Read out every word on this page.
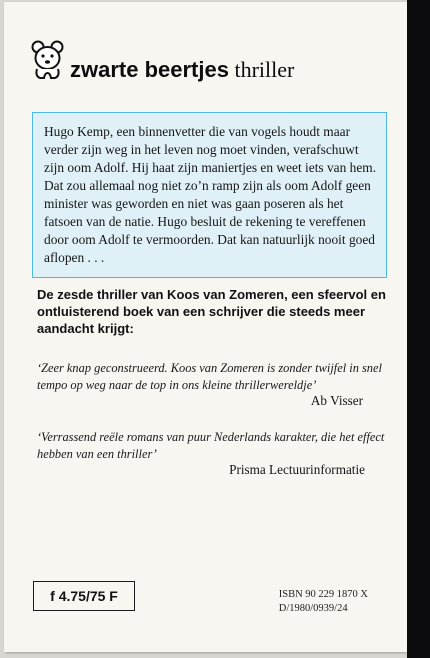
zwarte beertjes thriller
Hugo Kemp, een binnenvetter die van vogels houdt maar verder zijn weg in het leven nog moet vinden, verafschuwt zijn oom Adolf. Hij haat zijn maniertjes en weet iets van hem. Dat zou allemaal nog niet zo’n ramp zijn als oom Adolf geen minister was geworden en niet was gaan poseren als het fatsoen van de natie. Hugo besluit de rekening te vereffenen door oom Adolf te vermoorden. Dat kan natuurlijk nooit goed aflopen . . .
De zesde thriller van Koos van Zomeren, een sfeervol en ontluisterend boek van een schrijver die steeds meer aandacht krijgt:
‘Zeer knap geconstrueerd. Koos van Zomeren is zonder twijfel in snel tempo op weg naar de top in ons kleine thrillerwereldje’
Ab Visser
‘Verrassend reële romans van puur Nederlands karakter, die het effect hebben van een thriller’
Prisma Lectuurinformatie
f 4.75/75 F	ISBN 90 229 1870 X
D/1980/0939/24
